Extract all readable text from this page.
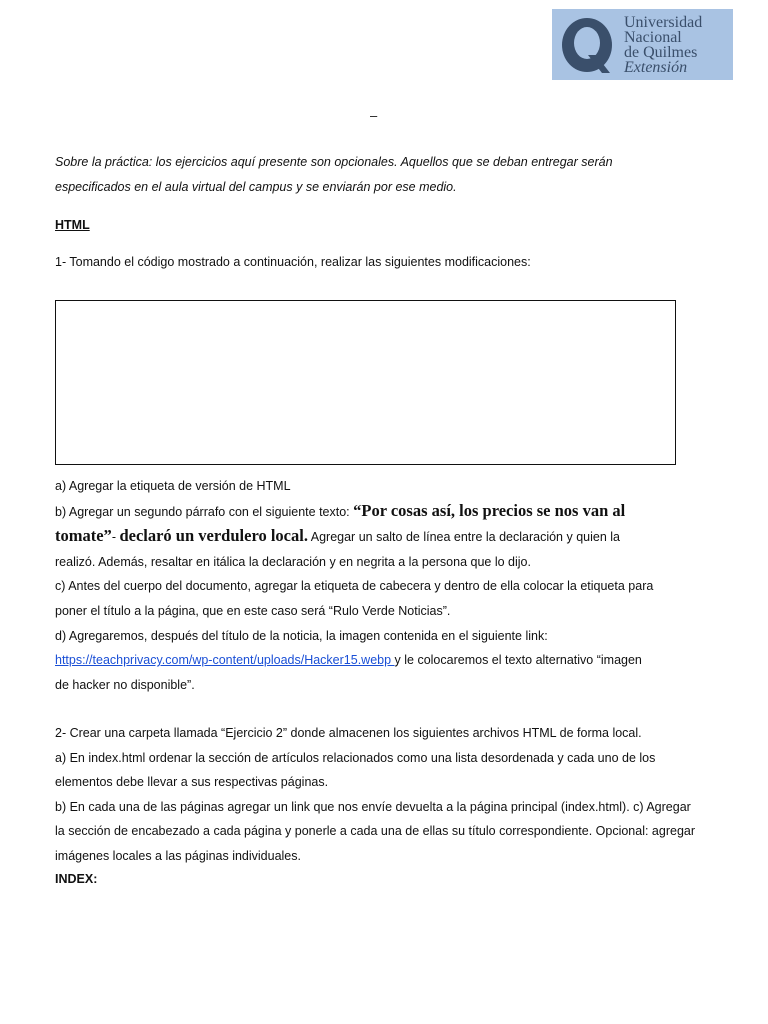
Universidad
Nacional
de Quilmes
Extensión
–
Sobre la práctica: los ejercicios aquí presente son opcionales. Aquellos que se deban entregar serán
especificados en el aula virtual del campus y se enviarán por ese medio.
HTML
1- Tomando el código mostrado a continuación, realizar las siguientes modificaciones:
a) Agregar la etiqueta de versión de HTML
b) Agregar un segundo párrafo con el siguiente texto: “Por cosas así, los precios se nos van al
tomate”- declaró un verdulero local. Agregar un salto de línea entre la declaración y quien la
realizó. Además, resaltar en itálica la declaración y en negrita a la persona que lo dijo.
c) Antes del cuerpo del documento, agregar la etiqueta de cabecera y dentro de ella colocar la etiqueta para
poner el título a la página, que en este caso será “Rulo Verde Noticias”.
d) Agregaremos, después del título de la noticia, la imagen contenida en el siguiente link:
https://teachprivacy.com/wp-content/uploads/Hacker15.webp y le colocaremos el texto alternativo “imagen
de hacker no disponible”.
2- Crear una carpeta llamada “Ejercicio 2” donde almacenen los siguientes archivos HTML de forma local.
a) En index.html ordenar la sección de artículos relacionados como una lista desordenada y cada uno de los
elementos debe llevar a sus respectivas páginas.
b) En cada una de las páginas agregar un link que nos envíe devuelta a la página principal (index.html). c) Agregar
la sección de encabezado a cada página y ponerle a cada una de ellas su título correspondiente. Opcional: agregar
imágenes locales a las páginas individuales.
INDEX:
